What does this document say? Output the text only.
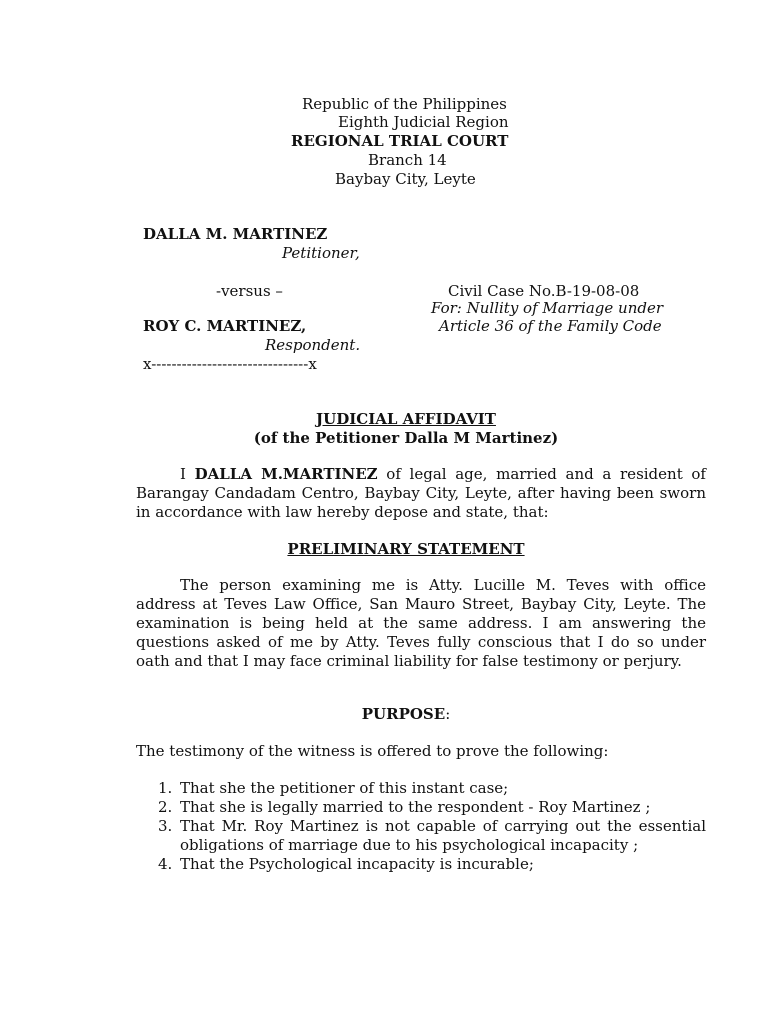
Republic of the Philippines
Eighth Judicial Region
REGIONAL TRIAL COURT
Branch 14
Baybay City, Leyte
DALLA M. MARTINEZ
Petitioner,
-versus –
ROY C. MARTINEZ,
Respondent.
x-------------------------------x
Civil Case No.B-19-08-08
For: Nullity of Marriage under
Article 36 of the Family Code
JUDICIAL AFFIDAVIT
(of the Petitioner Dalla M Martinez)
I DALLA M.MARTINEZ of legal age, married and a resident of Barangay Candadam Centro, Baybay City, Leyte, after having been sworn in accordance with law hereby depose and state, that:
PRELIMINARY STATEMENT
The person examining me is Atty. Lucille M. Teves with office address at Teves Law Office, San Mauro Street, Baybay City, Leyte. The examination is being held at the same address. I am answering the questions asked of me by Atty. Teves fully conscious that I do so under oath and that I may face criminal liability for false testimony or perjury.
PURPOSE:
The testimony of the witness is offered to prove the following:
1. That she the petitioner of this instant case;
2. That she is legally married to the respondent - Roy Martinez ;
3. That Mr. Roy Martinez is not capable of carrying out the essential obligations of marriage due to his psychological incapacity ;
4. That the Psychological incapacity is incurable;
